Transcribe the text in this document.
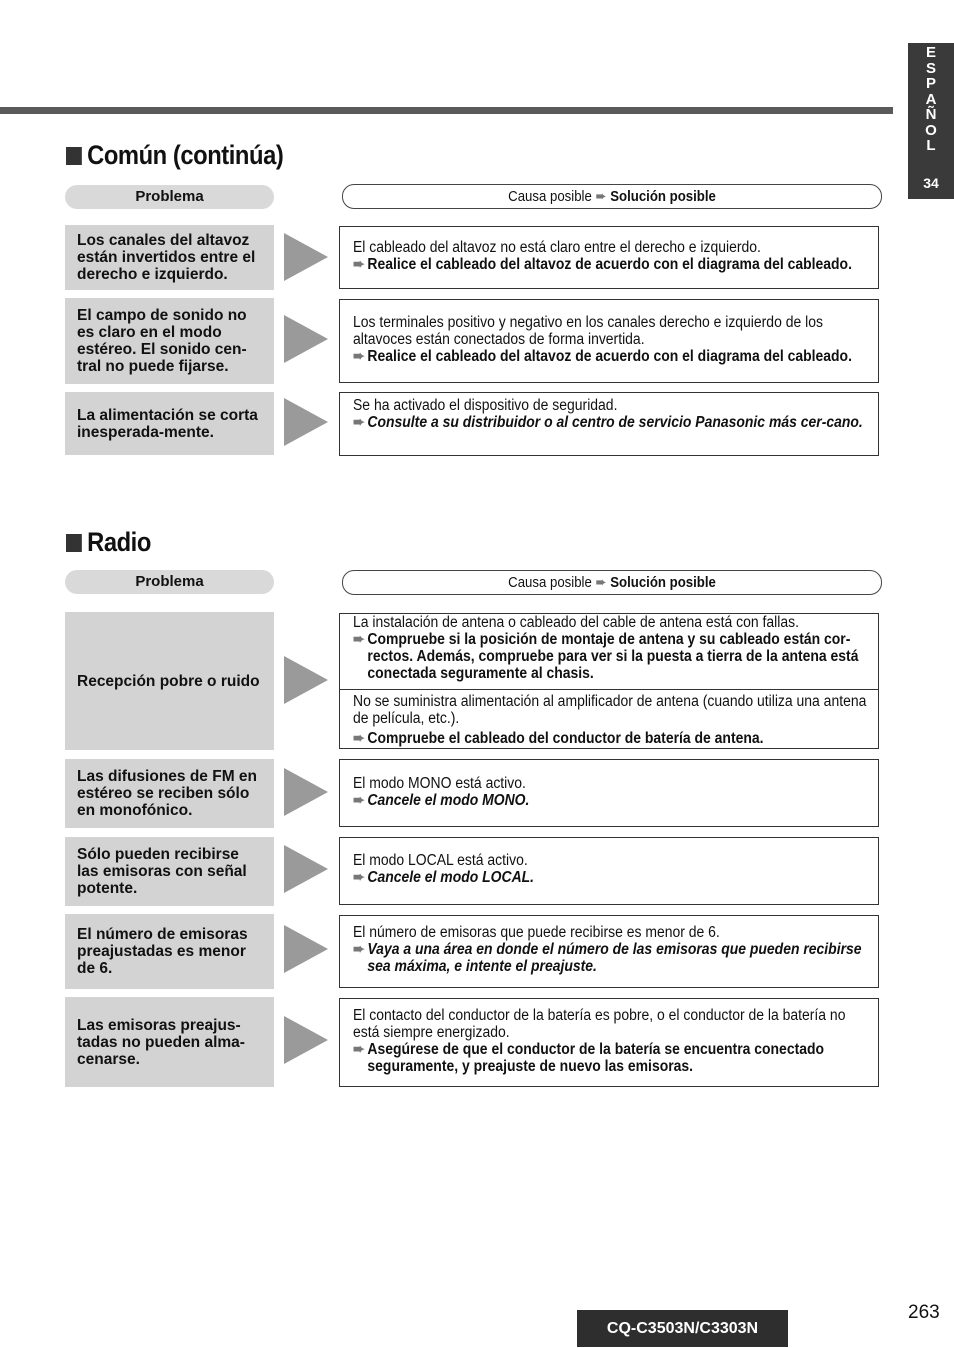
E
S
P
A
Ñ
O
L
34
Común (continúa)
Problema	Causa posible ➨ Solución posible
Los canales del altavoz están invertidos entre el derecho e izquierdo.
El cableado del altavoz no está claro entre el derecho e izquierdo.
➨ Realice el cableado del altavoz de acuerdo con el diagrama del cableado.
El campo de sonido no es claro en el modo estéreo. El sonido cen-tral no puede fijarse.
Los terminales positivo y negativo en los canales derecho e izquierdo de los altavoces están conectados de forma invertida.
➨ Realice el cableado del altavoz de acuerdo con el diagrama del cableado.
La alimentación se corta inesperada-mente.
Se ha activado el dispositivo de seguridad.
➨ Consulte a su distribuidor o al centro de servicio Panasonic más cer-cano.
Radio
Problema	Causa posible ➨ Solución posible
Recepción pobre o ruido
La instalación de antena o cableado del cable de antena está con fallas.
➨ Compruebe si la posición de montaje de antena y su cableado están cor-rectos. Además, compruebe para ver si la puesta a tierra de la antena está conectada seguramente al chasis.
No se suministra alimentación al amplificador de antena (cuando utiliza una antena de película, etc.).
➨ Compruebe el cableado del conductor de batería de antena.
Las difusiones de FM en estéreo se reciben sólo en monofónico.
El modo MONO está activo.
➨ Cancele el modo MONO.
Sólo pueden recibirse las emisoras con señal potente.
El modo LOCAL está activo.
➨ Cancele el modo LOCAL.
El número de emisoras preajustadas es menor de 6.
El número de emisoras que puede recibirse es menor de 6.
➨ Vaya a una área en donde el número de las emisoras que pueden recibirse sea máxima, e intente el preajuste.
Las emisoras preajus-tadas no pueden alma-cenarse.
El contacto del conductor de la batería es pobre, o el conductor de la batería no está siempre energizado.
➨ Asegúrese de que el conductor de la batería se encuentra conectado seguramente, y preajuste de nuevo las emisoras.
CQ-C3503N/C3303N
263
